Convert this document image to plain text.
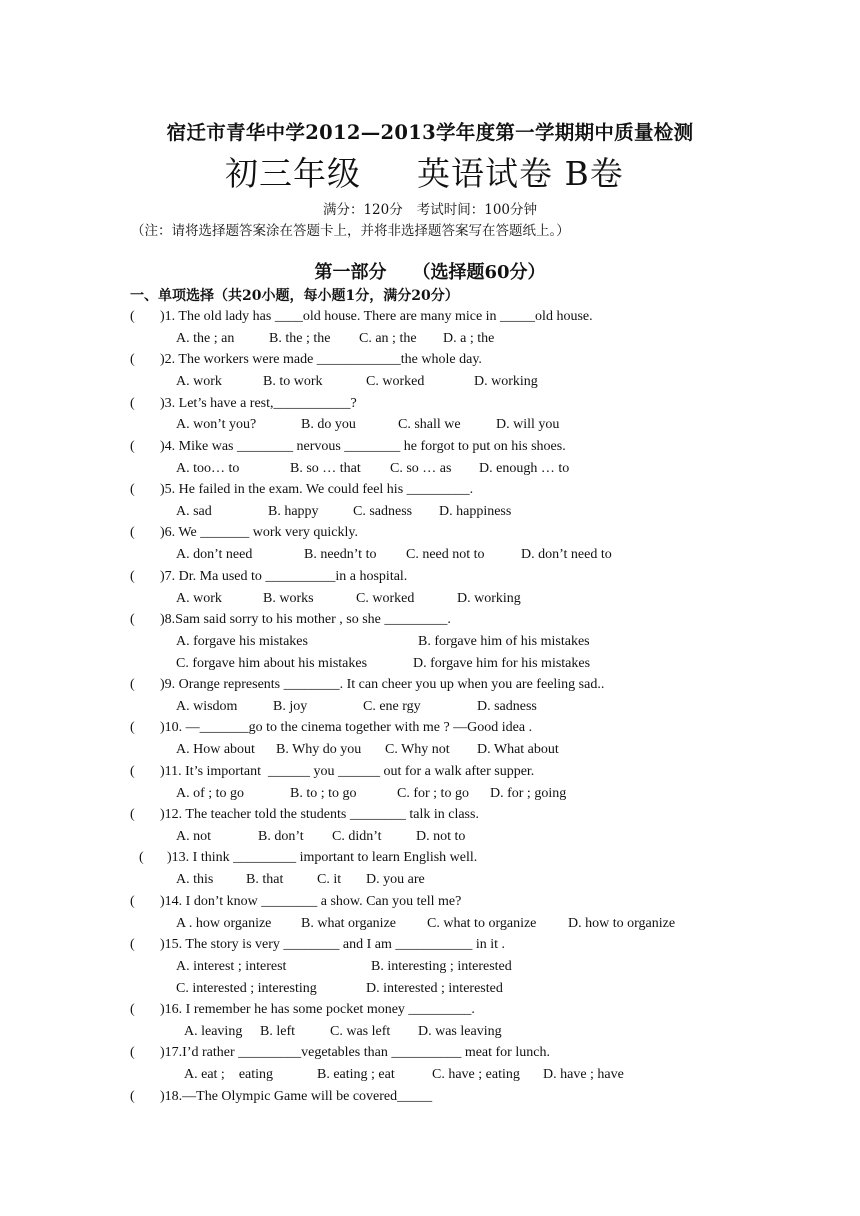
宿迁市青华中学2012—2013学年度第一学期期中质量检测
初三年级 英语试卷 B卷
满分：120分 考试时间：100分钟
（注：请将选择题答案涂在答题卡上，并将非选择题答案写在答题纸上。）
第一部分 （选择题60分）
一、单项选择（共20小题，每小题1分，满分20分）
( )1. The old lady has ____old house. There are many mice in _____old house.
A. the ; an B. the ; the C. an ; the D. a ; the
( )2. The workers were made ____________the whole day.
A. work	B. to work	C. worked	D. working
( )3. Let’s have a rest,___________?
A. won’t you?	B. do you	C. shall we	D. will you
( )4. Mike was ________ nervous ________ he forgot to put on his shoes.
A. too… to	B. so … that C. so … as D. enough … to
( )5. He failed in the exam. We could feel his _________.
A. sad	B. happy C. sadness D. happiness
( )6. We _______ work very quickly.
A. don’t need	B. needn’t to C. need not to	D. don’t need to
( )7. Dr. Ma used to __________in a hospital.
A. work	B. works	C. worked	D. working
( )8.Sam said sorry to his mother , so she _________.
A. forgave his mistakes	B. forgave him of his mistakes
C. forgave him about his mistakes	D. forgave him for his mistakes
( )9. Orange represents ________. It can cheer you up when you are feeling sad..
A. wisdom	B. joy	C. ene rgy	D. sadness
( )10. —_______go to the cinema together with me ? —Good idea .
A. How about B. Why do you C. Why not D. What about
( )11. It’s important  ______ you ______ out for a walk after supper.
A. of ; to go	B. to ; to go	C. for ; to go D. for ; going
( )12. The teacher told the students ________ talk in class.
A. not	B. don’t C. didn’t D. not to
( )13. I think _________ important to learn English well.
A. this B. that C. it D. you are
( )14. I don’t know ________ a show. Can you tell me?
A . how organize B. what organize C. what to organize D. how to organize
( )15. The story is very ________ and I am ___________ in it .
A. interest ; interest	B. interesting ; interested
C. interested ; interesting	D. interested ; interested
( )16. I remember he has some pocket money _________.
A. leaving B. left	C. was left D. was leaving
( )17.I’d rather _________vegetables than __________ meat for lunch.
A. eat ;    eating	B. eating ; eat	C. have ; eating D. have ; have
( )18.—The Olympic Game will be covered_____
